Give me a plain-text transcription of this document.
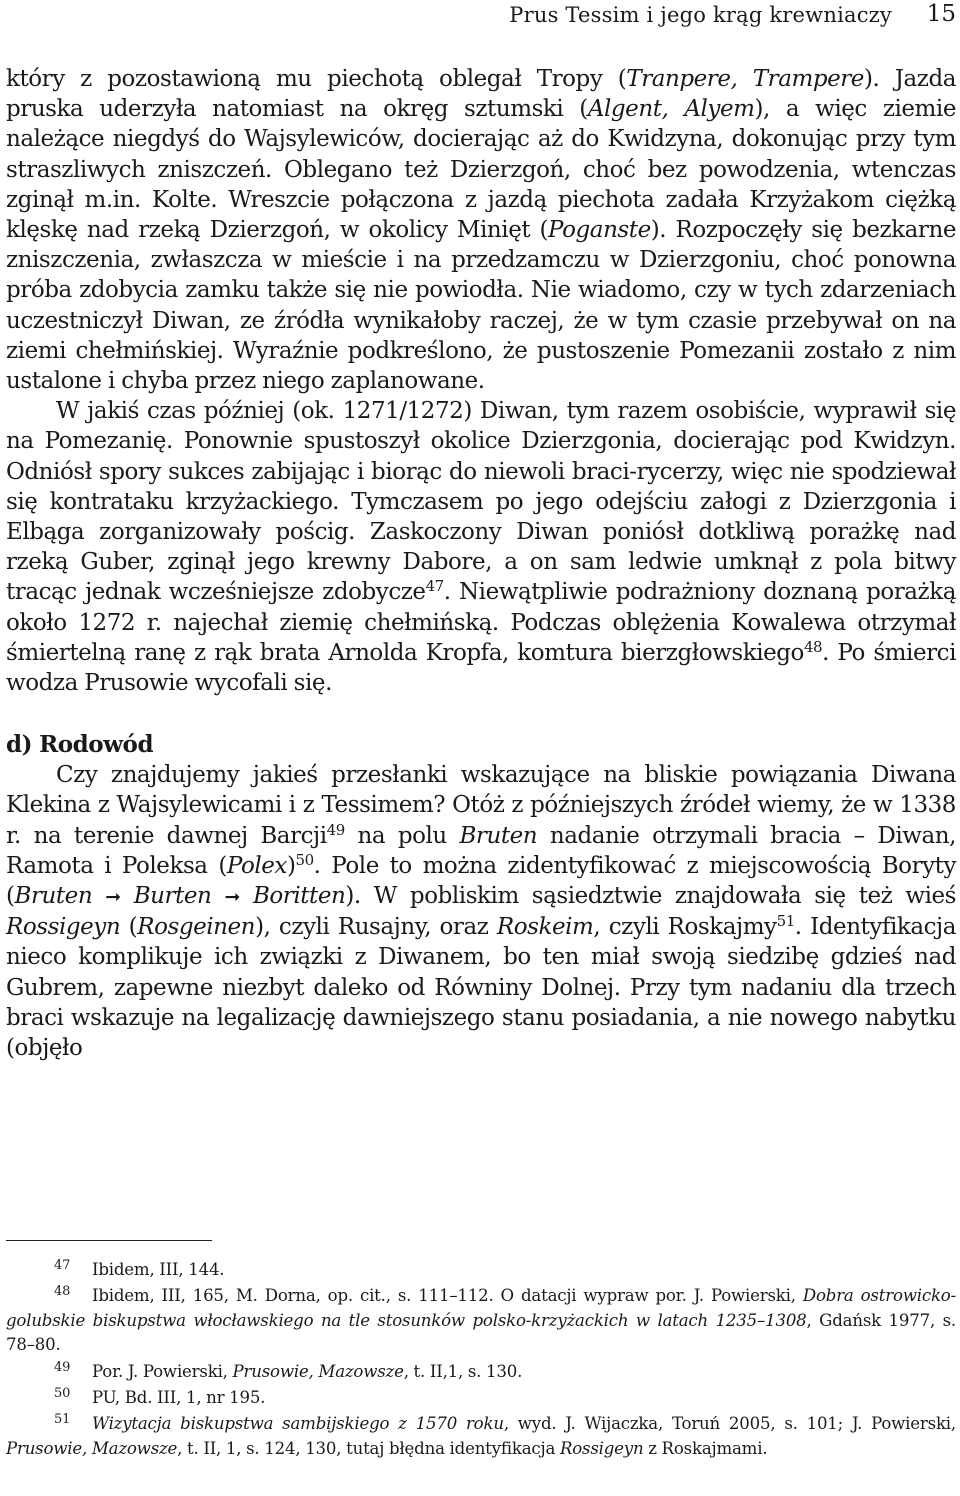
Prus Tessim i jego krąg krewniaczy 15

który z pozostawioną mu piechotą oblegał Tropy (Tranpere, Trampere). Jazda pruska uderzyła natomiast na okręg sztumski (Algent, Alyem), a więc ziemie należące niegdyś do Wajsylewiców, docierając aż do Kwidzyna, dokonując przy tym straszliwych zniszczeń. Oblegano też Dzierzgoń, choć bez powodzenia, wtenczas zginął m.in. Kolte. Wreszcie połączona z jazdą piechota zadała Krzyżakom ciężką klęskę nad rzeką Dzierzgoń, w okolicy Minięt (Poganste). Rozpoczęły się bezkarne zniszczenia, zwłaszcza w mieście i na przedzamczu w Dzierzgoniu, choć ponowna próba zdobycia zamku także się nie powiodła. Nie wiadomo, czy w tych zdarzeniach uczestniczył Diwan, ze źródła wynikałoby raczej, że w tym czasie przebywał on na ziemi chełmińskiej. Wyraźnie podkreślono, że pustoszenie Pomezanii zostało z nim ustalone i chyba przez niego zaplanowane.

W jakiś czas później (ok. 1271/1272) Diwan, tym razem osobiście, wyprawił się na Pomezanię. Ponownie spustoszył okolice Dzierzgonia, docierając pod Kwidzyn. Odniósł spory sukces zabijając i biorąc do niewoli braci-rycerzy, więc nie spodziewał się kontrataku krzyżackiego. Tymczasem po jego odejściu załogi z Dzierzgonia i Elbąga zorganizowały pościg. Zaskoczony Diwan poniósł dotkliwą porażkę nad rzeką Guber, zginął jego krewny Dabore, a on sam ledwie umknął z pola bitwy tracąc jednak wcześniejsze zdobycze$^{47}$. Niewątpliwie podrażniony doznaną porażką około 1272 r. najechał ziemię chełmińską. Podczas oblężenia Kowalewa otrzymał śmiertelną ranę z rąk brata Arnolda Kropfa, komtura bierzgłowskiego$^{48}$. Po śmierci wodza Prusowie wycofali się.

d) Rodowód

Czy znajdujemy jakieś przesłanki wskazujące na bliskie powiązania Diwana Klekina z Wajsylewicami i z Tessimem? Otóż z późniejszych źródeł wiemy, że w 1338 r. na terenie dawnej Barcji$^{49}$ na polu Bruten nadanie otrzymali bracia – Diwan, Ramota i Poleksa (Polex)$^{50}$. Pole to można zidentyfikować z miejscowością Boryty (Bruten ➞ Burten ➞ Boritten). W pobliskim sąsiedztwie znajdowała się też wieś Rossigeyn (Rosgeinen), czyli Rusajny, oraz Roskeim, czyli Roskajmy$^{51}$. Identyfikacja nieco komplikuje ich związki z Diwanem, bo ten miał swoją siedzibę gdzieś nad Gubrem, zapewne niezbyt daleko od Równiny Dolnej. Przy tym nadaniu dla trzech braci wskazuje na legalizację dawniejszego stanu posiadania, a nie nowego nabytku (objęło

47 Ibidem, III, 144.

48 Ibidem, III, 165, M. Dorna, op. cit., s. 111–112. O datacji wypraw por. J. Powierski, Dobra ostrowicko-golubskie biskupstwa włocławskiego na tle stosunków polsko-krzyżackich w latach 1235–1308, Gdańsk 1977, s. 78–80.

49 Por. J. Powierski, Prusowie, Mazowsze, t. II,1, s. 130.

50 PU, Bd. III, 1, nr 195.

51 Wizytacja biskupstwa sambijskiego z 1570 roku, wyd. J. Wijaczka, Toruń 2005, s. 101; J. Powierski, Prusowie, Mazowsze, t. II, 1, s. 124, 130, tutaj błędna identyfikacja Rossigeyn z Roskajmami.
